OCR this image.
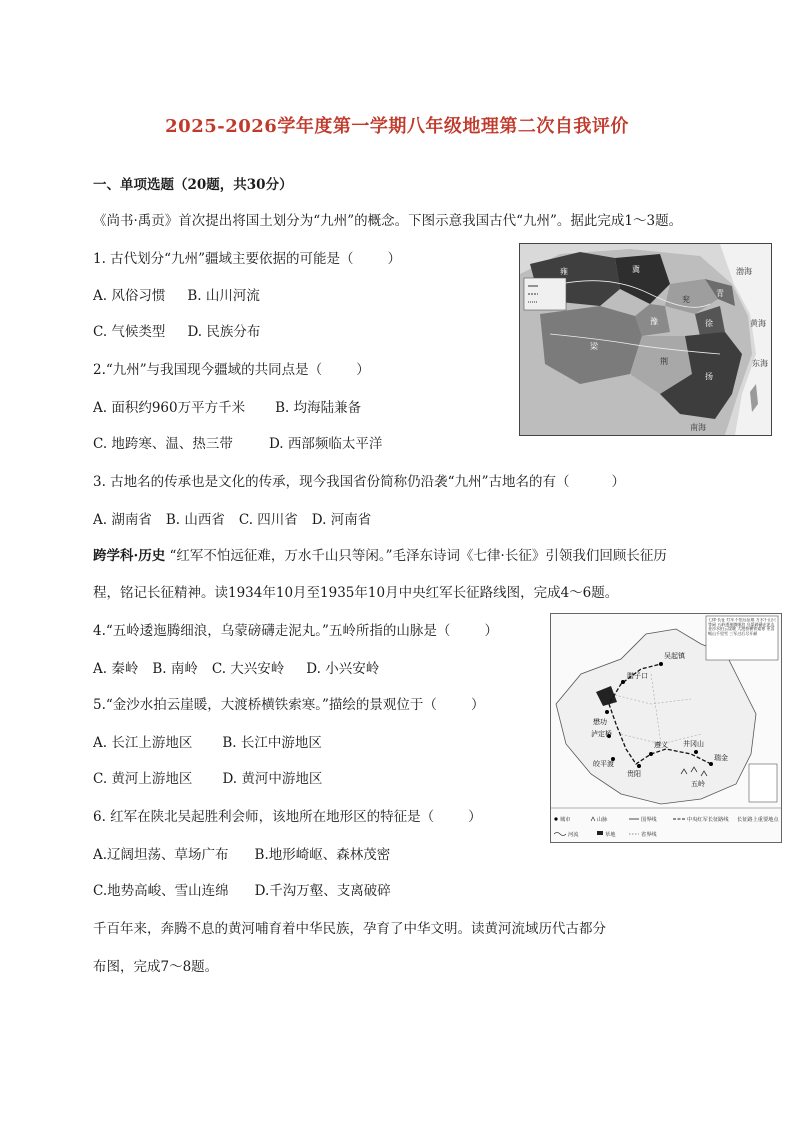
2025-2026学年度第一学期八年级地理第二次自我评价
一、单项选题（20题，共30分）
《尚书·禹贡》首次提出将国土划分为“九州”的概念。下图示意我国古代“九州”。据此完成1～3题。
1. 古代划分“九州”疆域主要依据的可能是（	）
A. 风俗习惯 B. 山川河流
C. 气候类型 D. 民族分布
2.“九州”与我国现今疆域的共同点是（	）
A. 面积约960万平方千米 B. 均海陆兼备
C. 地跨寒、温、热三带	D. 西部频临太平洋
3. 古地名的传承也是文化的传承，现今我国省份简称仍沿袭“九州”古地名的有（	）
A. 湖南省 B. 山西省 C. 四川省 D. 河南省
跨学科·历史 “红军不怕远征难，万水千山只等闲。”毛泽东诗词《七律·长征》引领我们回顾长征历
程，铭记长征精神。读1934年10月至1935年10月中央红军长征路线图，完成4～6题。
4.“五岭逶迤腾细浪，乌蒙磅礴走泥丸。”五岭所指的山脉是（	）
A. 秦岭 B. 南岭 C. 大兴安岭 D. 小兴安岭
5.“金沙水拍云崖暖，大渡桥横铁索寒。”描绘的景观位于（	）
A. 长江上游地区 B. 长江中游地区
C. 黄河上游地区 D. 黄河中游地区
6. 红军在陕北吴起胜利会师，该地所在地形区的特征是（	）
A.辽阔坦荡、草场广布 B.地形崎岖、森林茂密
C.地势高峻、雪山连绵 D.千沟万壑、支离破碎
千百年来，奔腾不息的黄河哺育着中华民族，孕育了中华文明。读黄河流域历代古都分
布图，完成7～8题。
冀
兖
青
徐
豫
扬
荆
梁
雍	渤海
黄海
东海
南海
七律·长征 红军不怕远征难 万水千山只等闲 五岭逶迤腾细浪 乌蒙磅礴走泥丸 金沙水拍云崖暖 大渡桥横铁索寒 更喜岷山千里雪 三军过后尽开颜
吴起镇
腊子口
懋功
遵义
贵阳
瑞金
井冈山
皎平渡
泸定桥
五岭
城市	山脉	国界线	中央红军长征路线 长征路上重要地点
河流	草地	省界线
